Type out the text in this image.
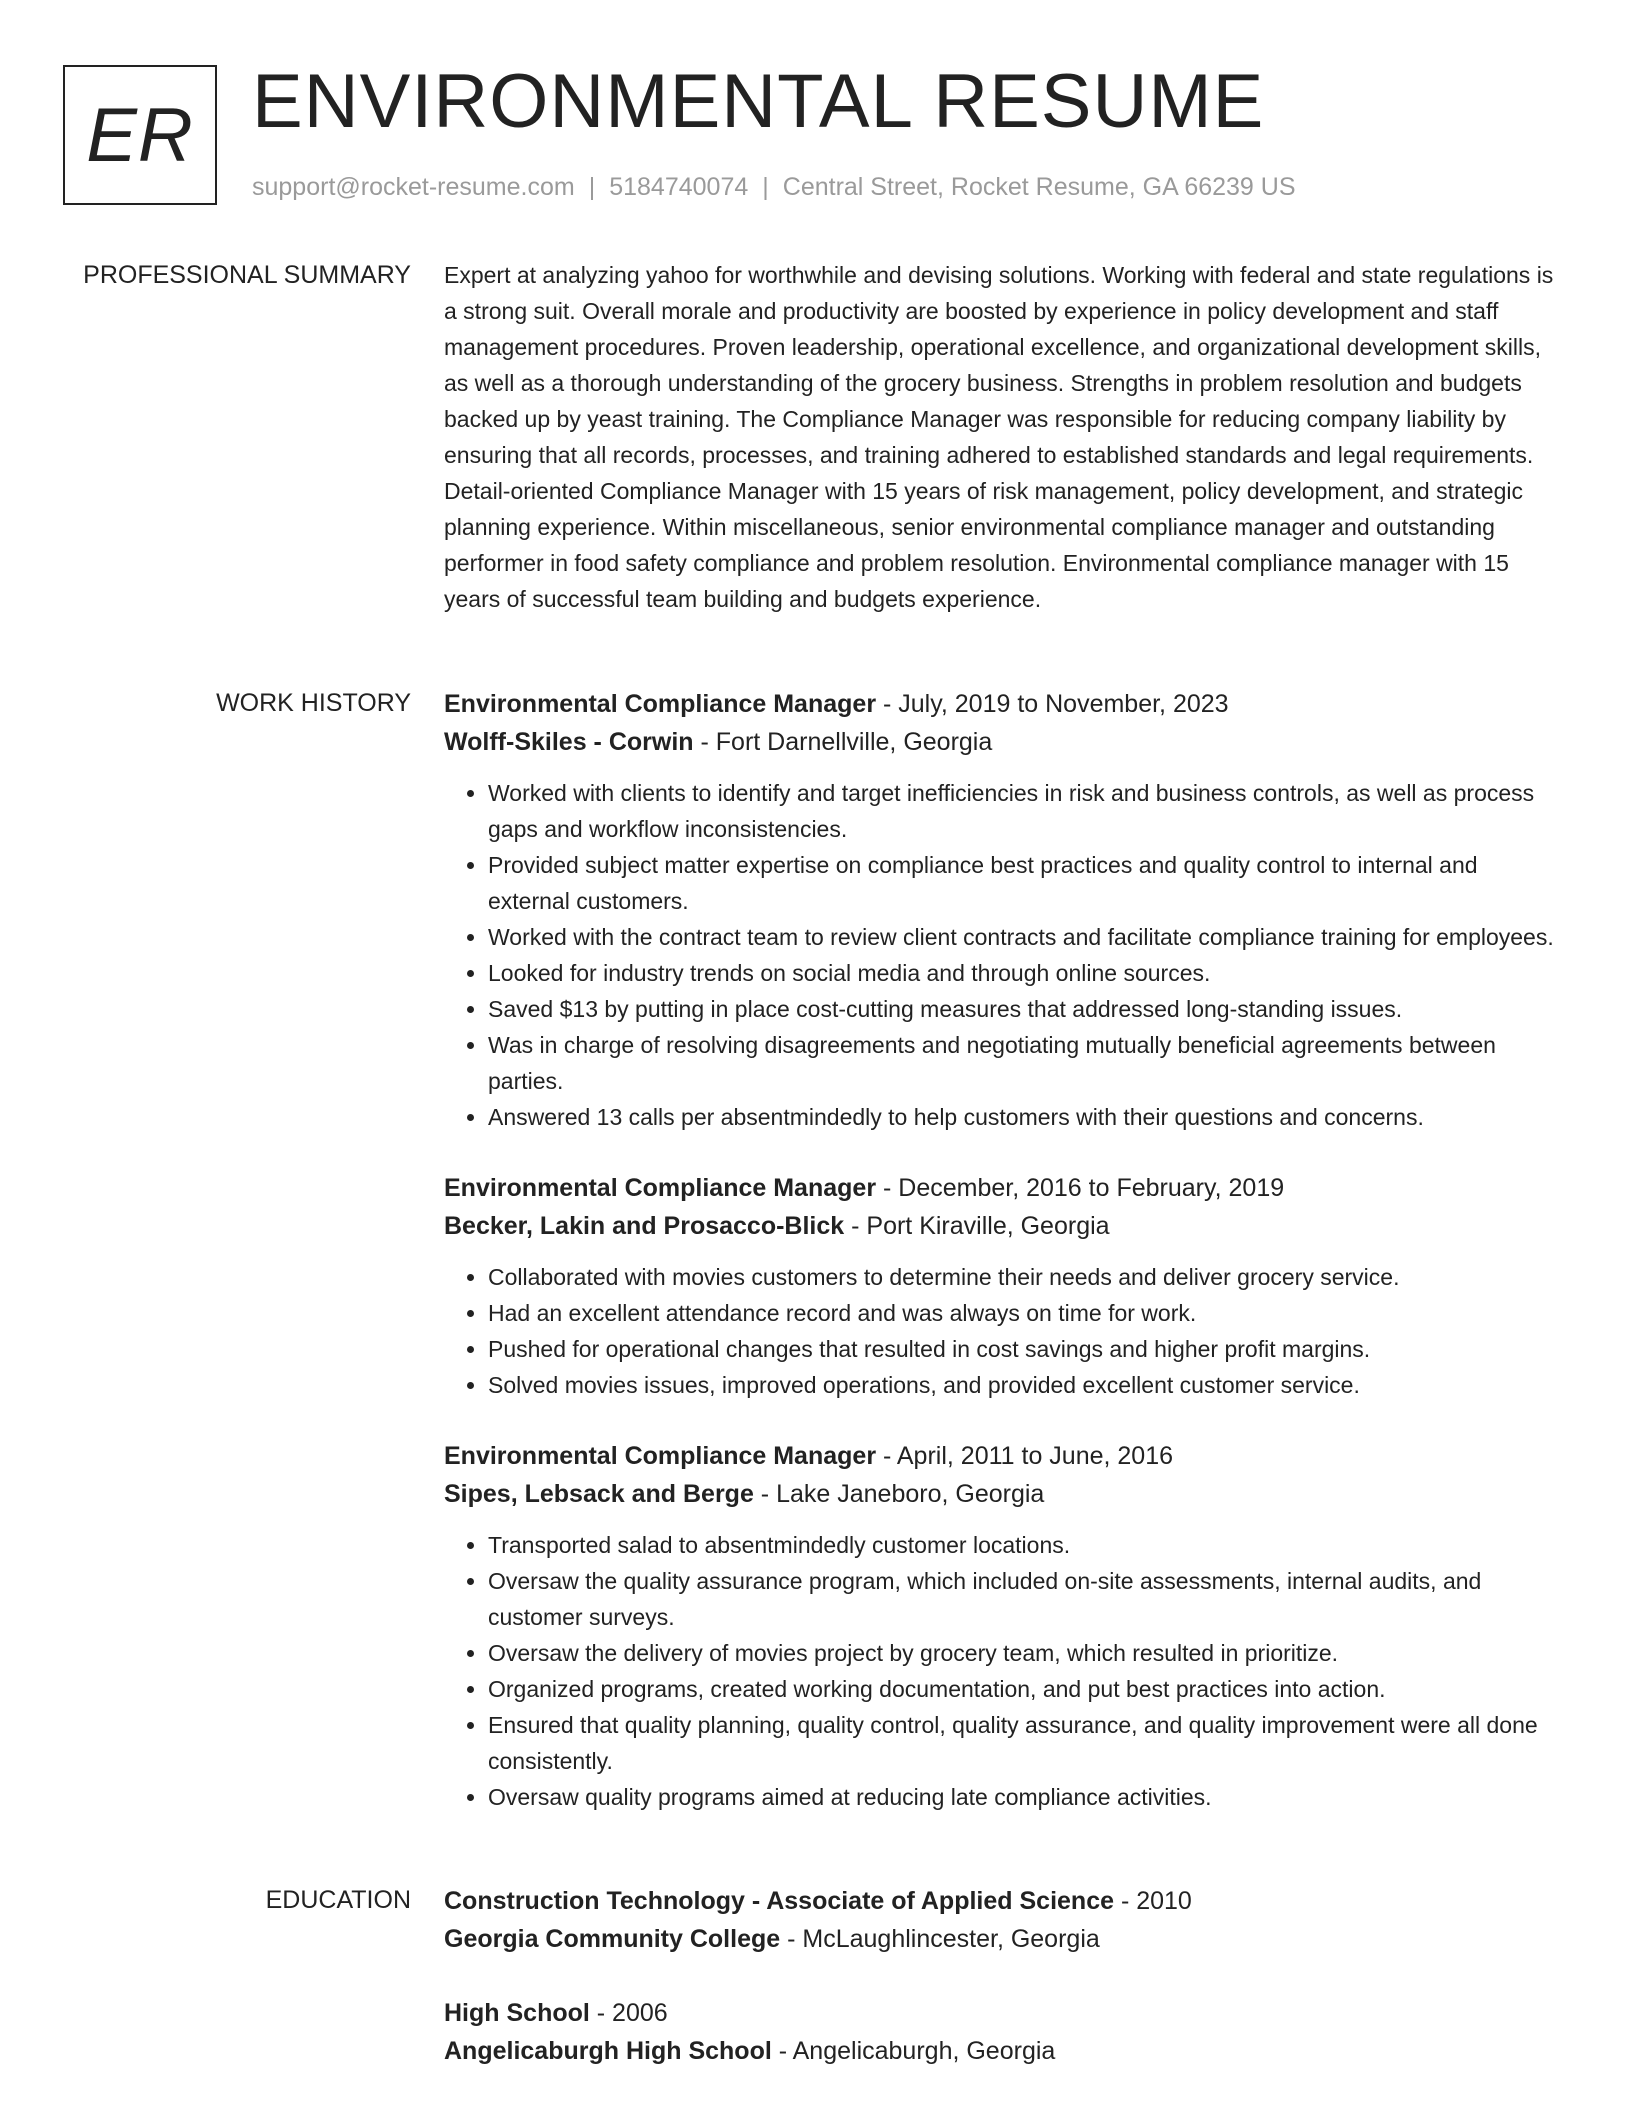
ER ENVIRONMENTAL RESUME
support@rocket-resume.com | 5184740074 | Central Street, Rocket Resume, GA 66239 US
PROFESSIONAL SUMMARY Expert at analyzing yahoo for worthwhile and devising solutions. Working with federal and state regulations is a strong suit. Overall morale and productivity are boosted by experience in policy development and staff management procedures. Proven leadership, operational excellence, and organizational development skills, as well as a thorough understanding of the grocery business. Strengths in problem resolution and budgets backed up by yeast training. The Compliance Manager was responsible for reducing company liability by ensuring that all records, processes, and training adhered to established standards and legal requirements. Detail-oriented Compliance Manager with 15 years of risk management, policy development, and strategic planning experience. Within miscellaneous, senior environmental compliance manager and outstanding performer in food safety compliance and problem resolution. Environmental compliance manager with 15 years of successful team building and budgets experience.

WORK HISTORY Environmental Compliance Manager - July, 2019 to November, 2023
Wolff-Skiles - Corwin - Fort Darnellville, Georgia
• Worked with clients to identify and target inefficiencies in risk and business controls, as well as process gaps and workflow inconsistencies.
• Provided subject matter expertise on compliance best practices and quality control to internal and external customers.
• Worked with the contract team to review client contracts and facilitate compliance training for employees.
• Looked for industry trends on social media and through online sources.
• Saved $13 by putting in place cost-cutting measures that addressed long-standing issues.
• Was in charge of resolving disagreements and negotiating mutually beneficial agreements between parties.
• Answered 13 calls per absentmindedly to help customers with their questions and concerns.
Environmental Compliance Manager - December, 2016 to February, 2019
Becker, Lakin and Prosacco-Blick - Port Kiraville, Georgia
• Collaborated with movies customers to determine their needs and deliver grocery service.
• Had an excellent attendance record and was always on time for work.
• Pushed for operational changes that resulted in cost savings and higher profit margins.
• Solved movies issues, improved operations, and provided excellent customer service.
Environmental Compliance Manager - April, 2011 to June, 2016
Sipes, Lebsack and Berge - Lake Janeboro, Georgia
• Transported salad to absentmindedly customer locations.
• Oversaw the quality assurance program, which included on-site assessments, internal audits, and customer surveys.
• Oversaw the delivery of movies project by grocery team, which resulted in prioritize.
• Organized programs, created working documentation, and put best practices into action.
• Ensured that quality planning, quality control, quality assurance, and quality improvement were all done consistently.
• Oversaw quality programs aimed at reducing late compliance activities.
EDUCATION Construction Technology - Associate of Applied Science - 2010
Georgia Community College - McLaughlincester, Georgia
High School - 2006
Angelicaburgh High School - Angelicaburgh, Georgia
